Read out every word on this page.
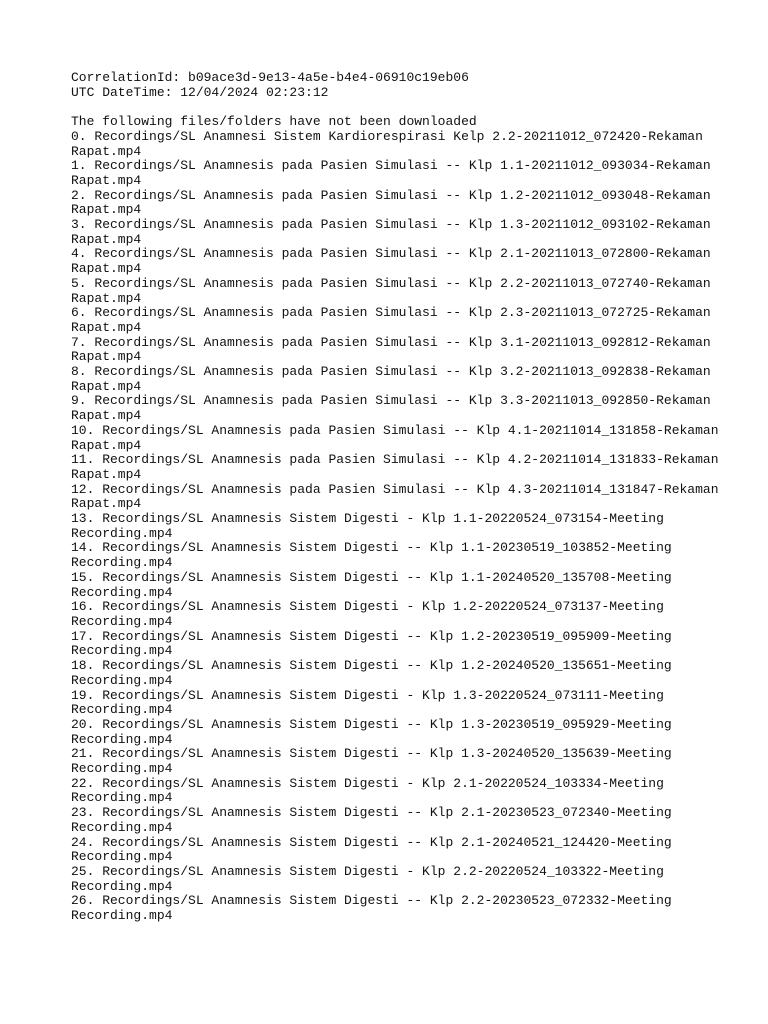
CorrelationId: b09ace3d-9e13-4a5e-b4e4-06910c19eb06

UTC DateTime: 12/04/2024 02:23:12

The following files/folders have not been downloaded

0. Recordings/SL Anamnesi Sistem Kardiorespirasi Kelp 2.2-20211012_072420-Rekaman

Rapat.mp4

1. Recordings/SL Anamnesis pada Pasien Simulasi -- Klp 1.1-20211012_093034-Rekaman

Rapat.mp4

2. Recordings/SL Anamnesis pada Pasien Simulasi -- Klp 1.2-20211012_093048-Rekaman

Rapat.mp4

3. Recordings/SL Anamnesis pada Pasien Simulasi -- Klp 1.3-20211012_093102-Rekaman

Rapat.mp4

4. Recordings/SL Anamnesis pada Pasien Simulasi -- Klp 2.1-20211013_072800-Rekaman

Rapat.mp4

5. Recordings/SL Anamnesis pada Pasien Simulasi -- Klp 2.2-20211013_072740-Rekaman

Rapat.mp4

6. Recordings/SL Anamnesis pada Pasien Simulasi -- Klp 2.3-20211013_072725-Rekaman

Rapat.mp4

7. Recordings/SL Anamnesis pada Pasien Simulasi -- Klp 3.1-20211013_092812-Rekaman

Rapat.mp4

8. Recordings/SL Anamnesis pada Pasien Simulasi -- Klp 3.2-20211013_092838-Rekaman

Rapat.mp4

9. Recordings/SL Anamnesis pada Pasien Simulasi -- Klp 3.3-20211013_092850-Rekaman

Rapat.mp4

10. Recordings/SL Anamnesis pada Pasien Simulasi -- Klp 4.1-20211014_131858-Rekaman

Rapat.mp4

11. Recordings/SL Anamnesis pada Pasien Simulasi -- Klp 4.2-20211014_131833-Rekaman

Rapat.mp4

12. Recordings/SL Anamnesis pada Pasien Simulasi -- Klp 4.3-20211014_131847-Rekaman

Rapat.mp4

13. Recordings/SL Anamnesis Sistem Digesti - Klp 1.1-20220524_073154-Meeting

Recording.mp4

14. Recordings/SL Anamnesis Sistem Digesti -- Klp 1.1-20230519_103852-Meeting

Recording.mp4

15. Recordings/SL Anamnesis Sistem Digesti -- Klp 1.1-20240520_135708-Meeting

Recording.mp4

16. Recordings/SL Anamnesis Sistem Digesti - Klp 1.2-20220524_073137-Meeting

Recording.mp4

17. Recordings/SL Anamnesis Sistem Digesti -- Klp 1.2-20230519_095909-Meeting

Recording.mp4

18. Recordings/SL Anamnesis Sistem Digesti -- Klp 1.2-20240520_135651-Meeting

Recording.mp4

19. Recordings/SL Anamnesis Sistem Digesti - Klp 1.3-20220524_073111-Meeting

Recording.mp4

20. Recordings/SL Anamnesis Sistem Digesti -- Klp 1.3-20230519_095929-Meeting

Recording.mp4

21. Recordings/SL Anamnesis Sistem Digesti -- Klp 1.3-20240520_135639-Meeting

Recording.mp4

22. Recordings/SL Anamnesis Sistem Digesti - Klp 2.1-20220524_103334-Meeting

Recording.mp4

23. Recordings/SL Anamnesis Sistem Digesti -- Klp 2.1-20230523_072340-Meeting

Recording.mp4

24. Recordings/SL Anamnesis Sistem Digesti -- Klp 2.1-20240521_124420-Meeting

Recording.mp4

25. Recordings/SL Anamnesis Sistem Digesti - Klp 2.2-20220524_103322-Meeting

Recording.mp4

26. Recordings/SL Anamnesis Sistem Digesti -- Klp 2.2-20230523_072332-Meeting

Recording.mp4
